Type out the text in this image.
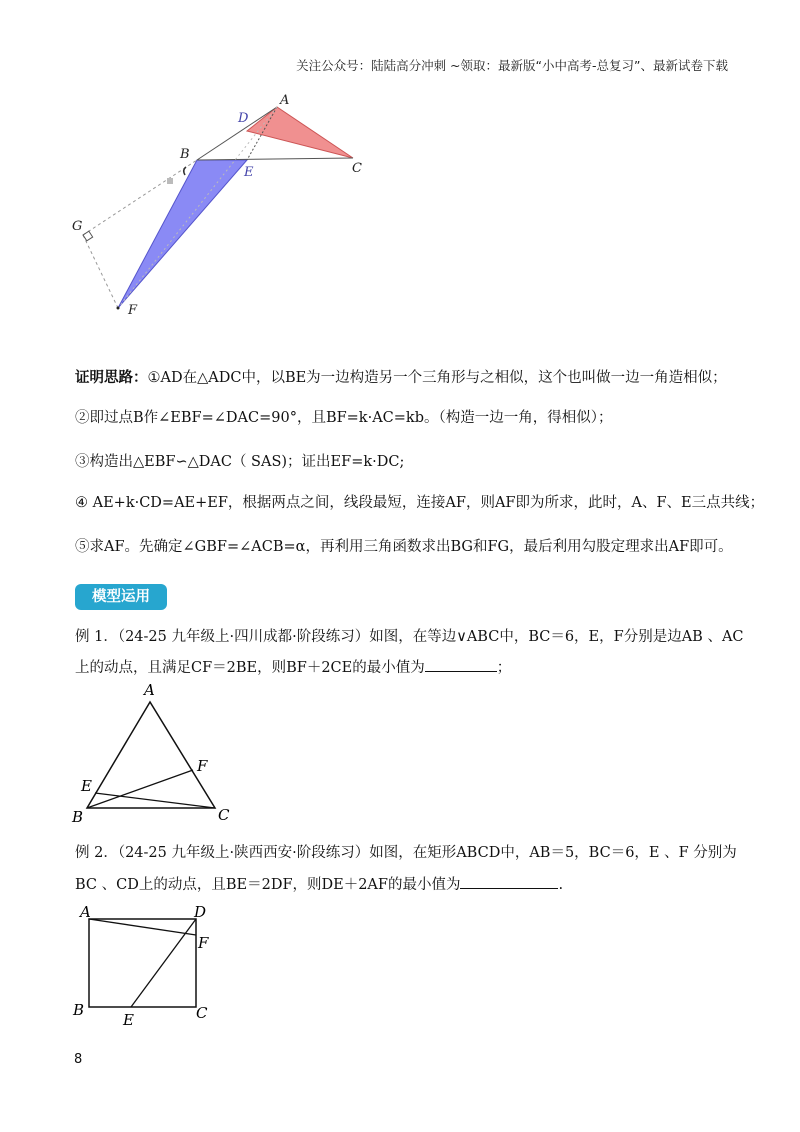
关注公众号：陆陆高分冲刺 ~领取：最新版“小中高考-总复习”、最新试卷下载
A
D
B
E	C
G
F
证明思路：①AD在△ADC中，以BE为一边构造另一个三角形与之相似，这个也叫做一边一角造相似；
②即过点B作∠EBF=∠DAC=90°，且BF=k·AC=kb。（构造一边一角，得相似）；
③构造出△EBF∽△DAC（ SAS)；证出EF=k·DC;
④ AE+k·CD=AE+EF，根据两点之间，线段最短，连接AF，则AF即为所求，此时，A、F、E三点共线；
⑤求AF。先确定∠GBF=∠ACB=α，再利用三角函数求出BG和FG，最后利用勾股定理求出AF即可。
模型运用
例 1．（24-25 九年级上·四川成都·阶段练习）如图，在等边∨ABC中，BC＝6，E，F分别是边AB 、AC
上的动点，且满足CF＝2BE，则BF＋2CE的最小值为	；
A
F
E
B	C
例 2．（24-25 九年级上·陕西西安·阶段练习）如图，在矩形ABCD中，AB＝5，BC＝6，E 、F 分别为
BC 、CD上的动点，且BE＝2DF，则DE＋2AF的最小值为	.
A	D
F
B
E	C
8
